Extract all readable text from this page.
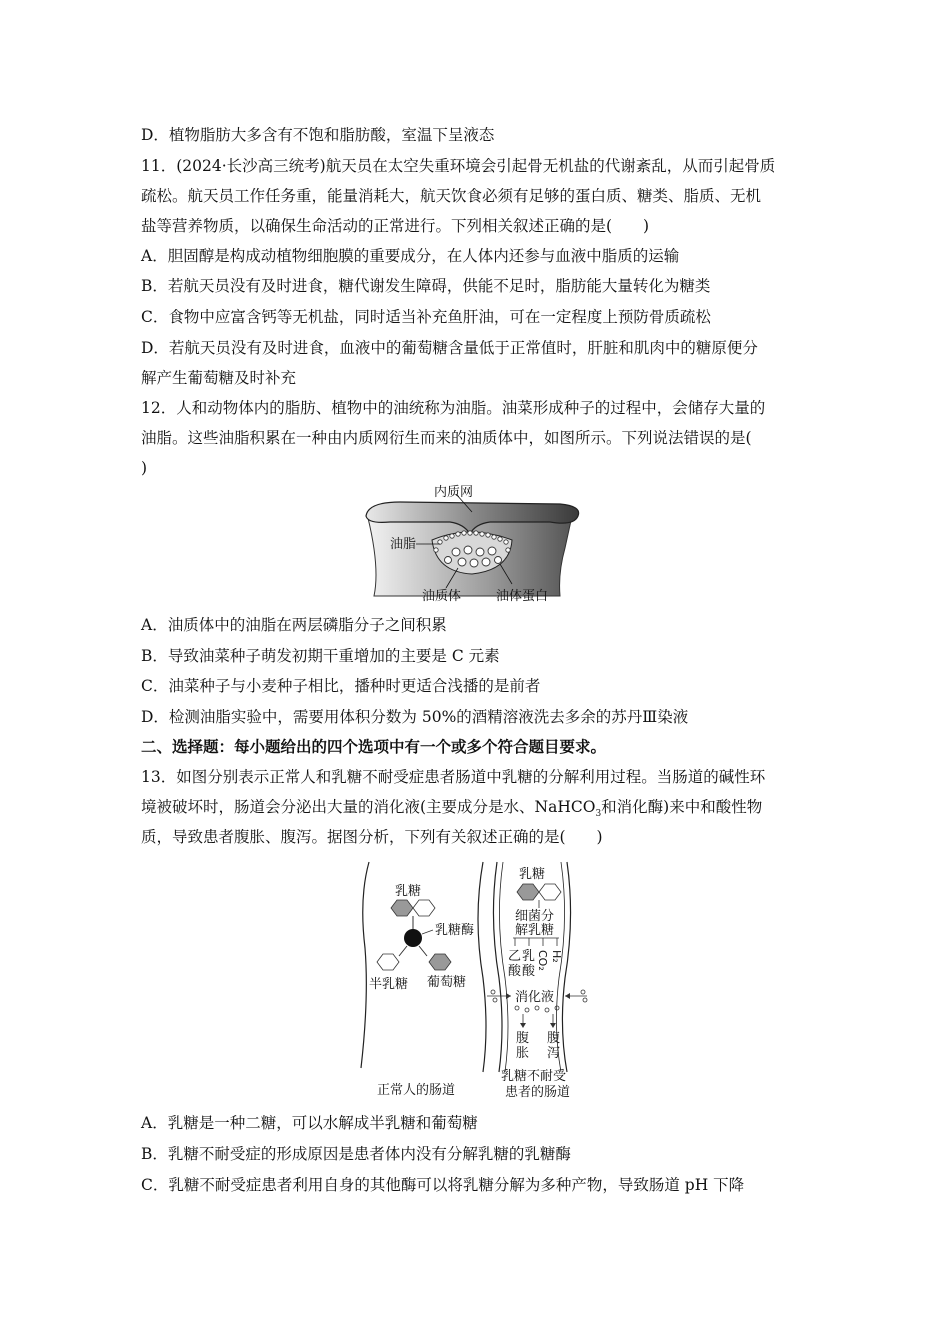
D．植物脂肪大多含有不饱和脂肪酸，室温下呈液态
11．(2024·长沙高三统考)航天员在太空失重环境会引起骨无机盐的代谢紊乱，从而引起骨质
疏松。航天员工作任务重，能量消耗大，航天饮食必须有足够的蛋白质、糖类、脂质、无机
盐等营养物质，以确保生命活动的正常进行。下列相关叙述正确的是(　　)
A．胆固醇是构成动植物细胞膜的重要成分，在人体内还参与血液中脂质的运输
B．若航天员没有及时进食，糖代谢发生障碍，供能不足时，脂肪能大量转化为糖类
C．食物中应富含钙等无机盐，同时适当补充鱼肝油，可在一定程度上预防骨质疏松
D．若航天员没有及时进食，血液中的葡萄糖含量低于正常值时，肝脏和肌肉中的糖原便分
解产生葡萄糖及时补充
12．人和动物体内的脂肪、植物中的油统称为油脂。油菜形成种子的过程中，会储存大量的
油脂。这些油脂积累在一种由内质网衍生而来的油质体中，如图所示。下列说法错误的是(
)
内质网
油脂
油质体	油体蛋白
A．油质体中的油脂在两层磷脂分子之间积累
B．导致油菜种子萌发初期干重增加的主要是 C 元素
C．油菜种子与小麦种子相比，播种时更适合浅播的是前者
D．检测油脂实验中，需要用体积分数为 50%的酒精溶液洗去多余的苏丹Ⅲ染液
二、选择题：每小题给出的四个选项中有一个或多个符合题目要求。
13．如图分别表示正常人和乳糖不耐受症患者肠道中乳糖的分解利用过程。当肠道的碱性环
境被破坏时，肠道会分泌出大量的消化液(主要成分是水、NaHCO$_3$和消化酶)来中和酸性物
质，导致患者腹胀、腹泻。据图分析，下列有关叙述正确的是(　　)
乳糖
乳糖酶
半乳糖 葡萄糖
正常人的肠道
乳糖
细菌分
解乳糖
乙
酸
乳
酸
CO₂ H₂
消化液
腹
胀
腹
泻
乳糖不耐受
患者的肠道
A．乳糖是一种二糖，可以水解成半乳糖和葡萄糖
B．乳糖不耐受症的形成原因是患者体内没有分解乳糖的乳糖酶
C．乳糖不耐受症患者利用自身的其他酶可以将乳糖分解为多种产物，导致肠道 pH 下降
